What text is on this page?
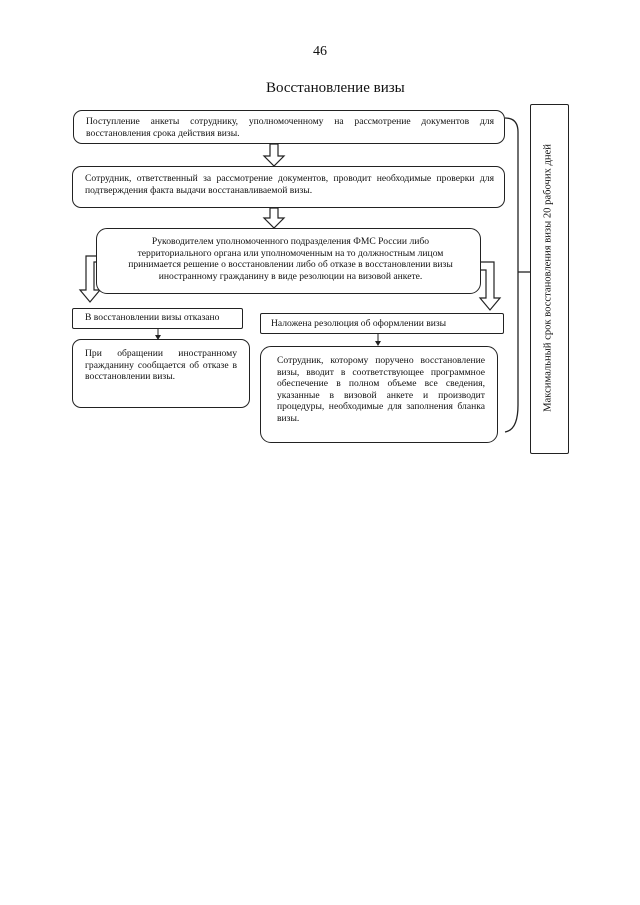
46
Восстановление визы
Поступление анкеты сотруднику, уполномоченному на рассмотрение документов для восстановления срока действия визы.
Сотрудник, ответственный за рассмотрение документов, проводит необходимые проверки для подтверждения факта выдачи восстанавливаемой визы.
Руководителем уполномоченного подразделения ФМС России либо территориального органа или уполномоченным на то должностным лицом принимается решение о восстановлении либо об отказе в восстановлении визы иностранному гражданину в виде резолюции на визовой анкете.
В восстановлении визы отказано
Наложена резолюция об оформлении визы
При обращении иностранному гражданину сообщается об отказе в восстановлении визы.
Сотрудник, которому поручено восстановление визы, вводит в соответствующее программное обеспечение в полном объеме все сведения, указанные в визовой анкете и производит процедуры, необходимые для заполнения бланка визы.
Максимальный срок восстановления визы 20 рабочих дней
